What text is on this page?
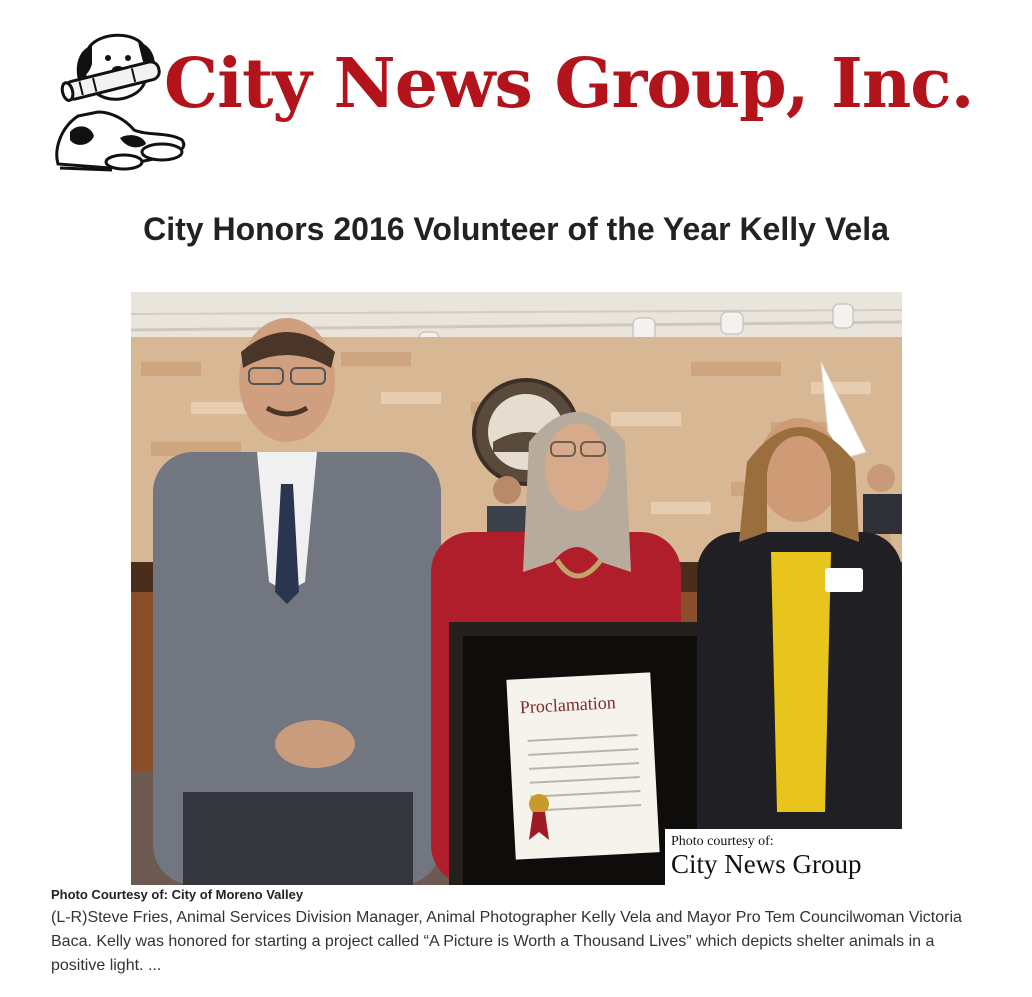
City News Group, Inc.
City Honors 2016 Volunteer of the Year Kelly Vela
Proclamation
Photo courtesy of:
City News Group

Photo Courtesy of: City of Moreno Valley

(L-R)Steve Fries, Animal Services Division Manager, Animal Photographer Kelly Vela and Mayor Pro Tem Councilwoman Victoria Baca. Kelly was honored for starting a project called “A Picture is Worth a Thousand Lives” which depicts shelter animals in a positive light. ...
